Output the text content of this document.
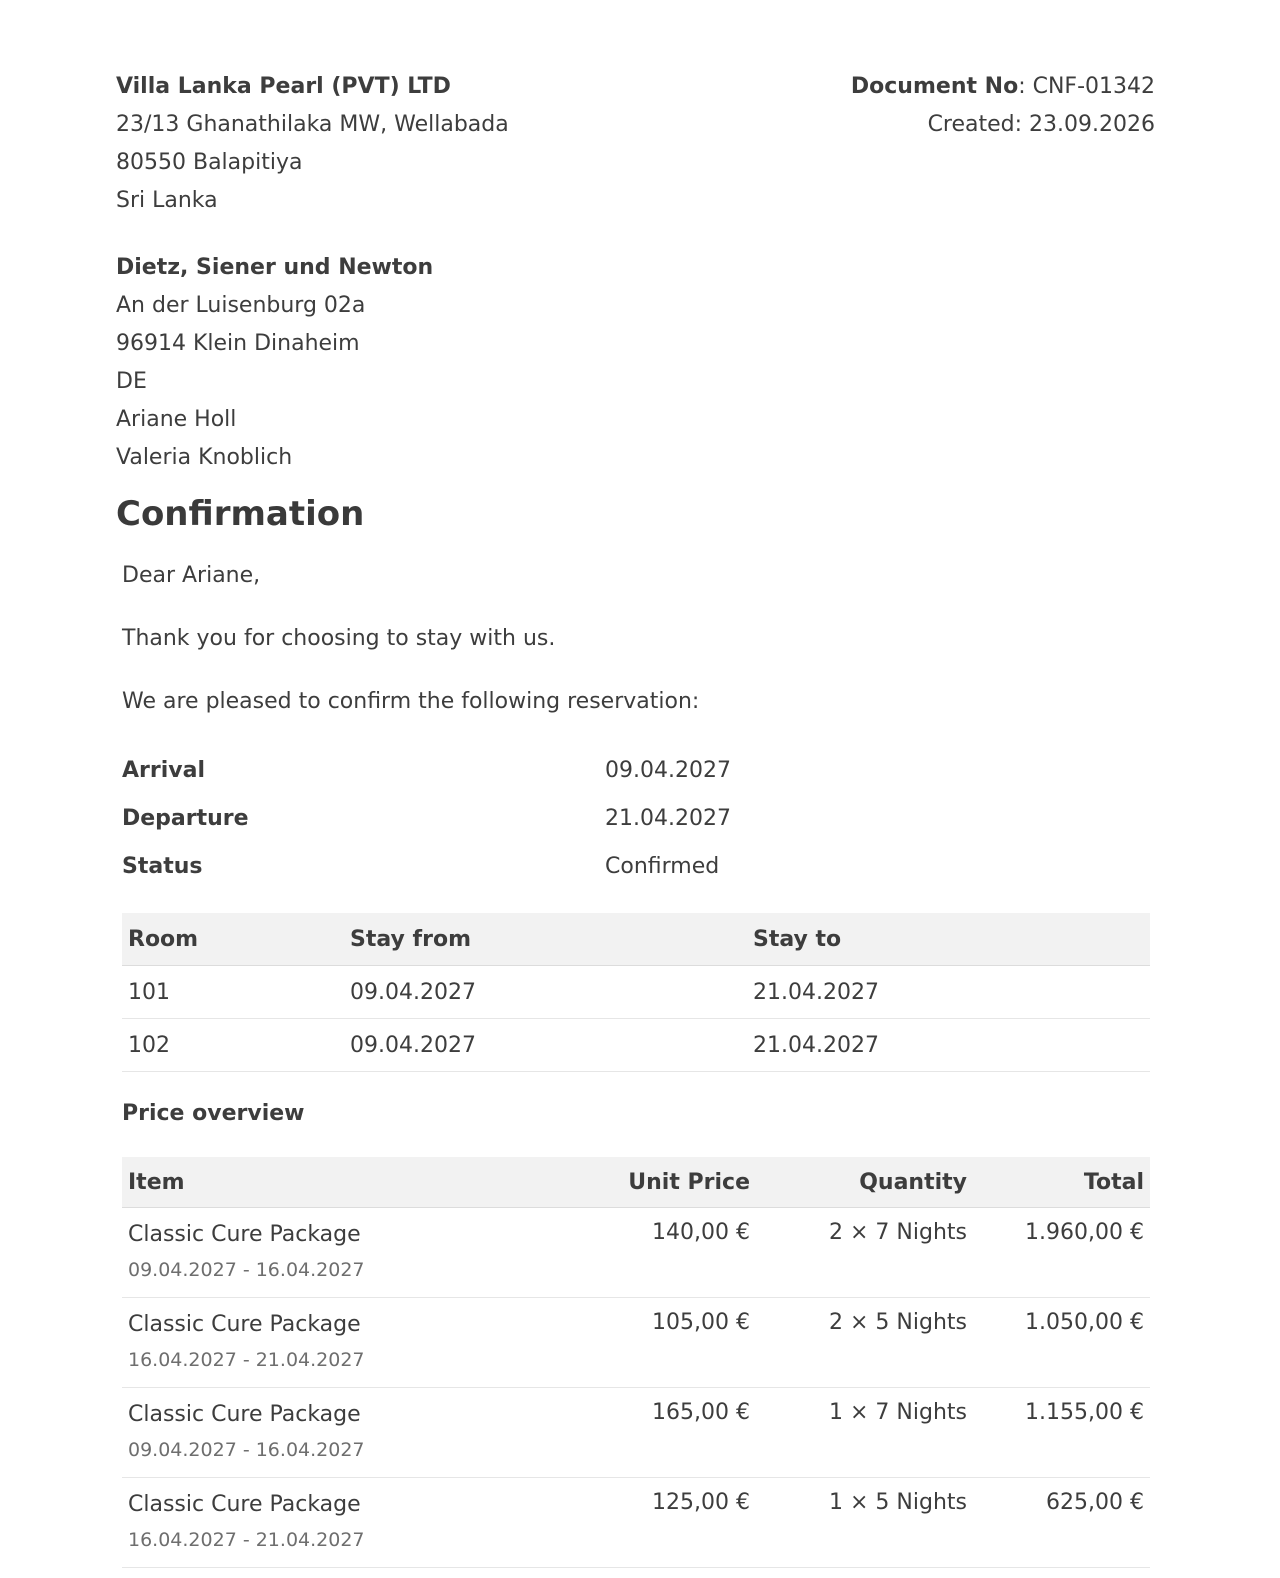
Villa Lanka Pearl (PVT) LTD
23/13 Ghanathilaka MW, Wellabada
80550 Balapitiya
Sri Lanka
Document No: CNF-01342
Created: 23.09.2026
Dietz, Siener und Newton
An der Luisenburg 02a
96914 Klein Dinaheim
DE
Ariane Holl
Valeria Knoblich
Confirmation

Dear Ariane,

Thank you for choosing to stay with us.

We are pleased to confirm the following reservation:

Arrival	09.04.2027
Departure	21.04.2027
Status	Confirmed
Room	Stay from	Stay to
101	09.04.2027	21.04.2027
102	09.04.2027	21.04.2027
Price overview
Item	Unit Price	Quantity	Total

Classic Cure Package
09.04.2027 - 16.04.2027	140,00 €	2 × 7 Nights	1.960,00 €

Classic Cure Package
16.04.2027 - 21.04.2027	105,00 €	2 × 5 Nights	1.050,00 €

Classic Cure Package
09.04.2027 - 16.04.2027	165,00 €	1 × 7 Nights	1.155,00 €

Classic Cure Package
16.04.2027 - 21.04.2027	125,00 €	1 × 5 Nights	625,00 €
